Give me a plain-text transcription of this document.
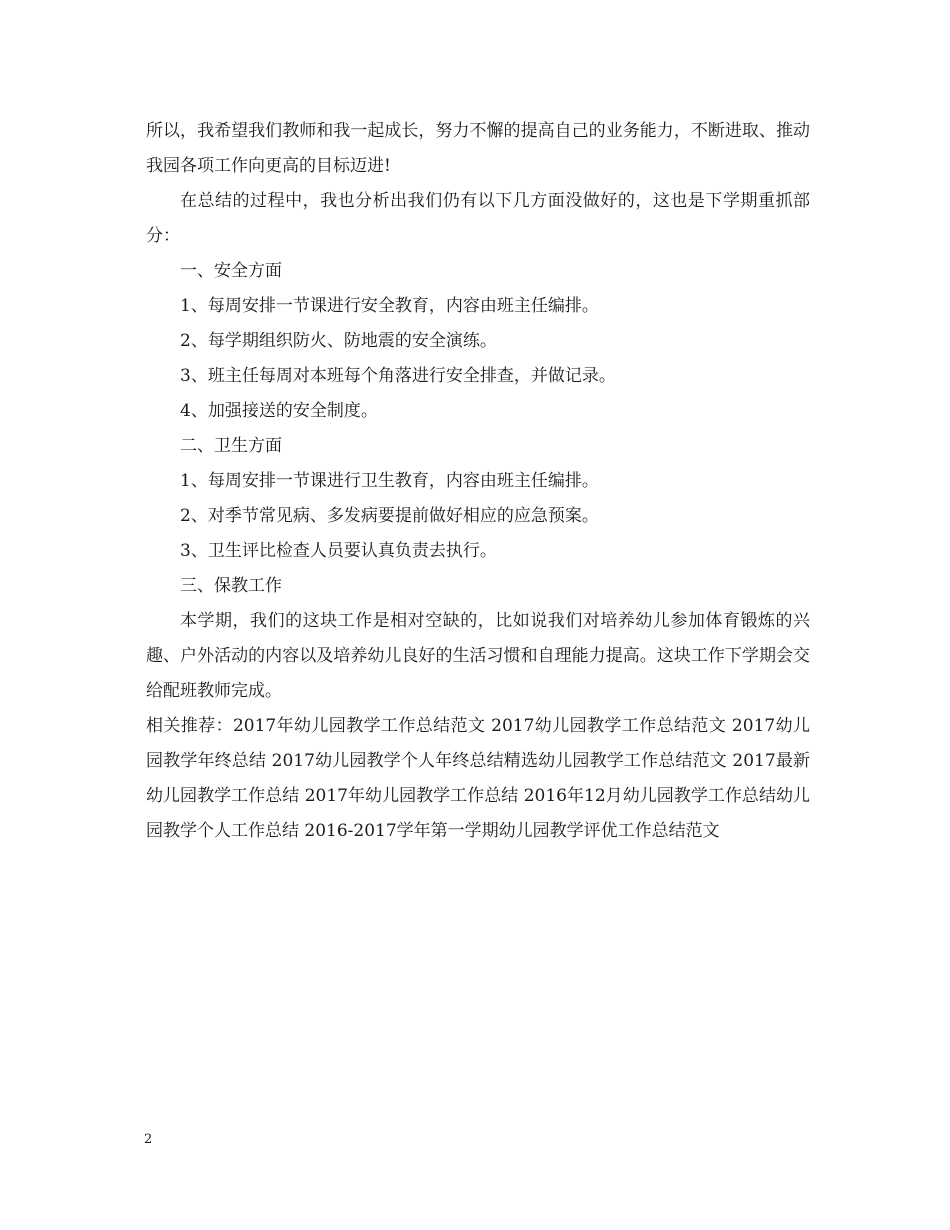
所以，我希望我们教师和我一起成长，努力不懈的提高自己的业务能力，不断进取、推动我园各项工作向更高的目标迈进!

在总结的过程中，我也分析出我们仍有以下几方面没做好的，这也是下学期重抓部分：

一、安全方面

1、每周安排一节课进行安全教育，内容由班主任编排。

2、每学期组织防火、防地震的安全演练。

3、班主任每周对本班每个角落进行安全排查，并做记录。

4、加强接送的安全制度。

二、卫生方面

1、每周安排一节课进行卫生教育，内容由班主任编排。

2、对季节常见病、多发病要提前做好相应的应急预案。

3、卫生评比检查人员要认真负责去执行。

三、保教工作

本学期，我们的这块工作是相对空缺的，比如说我们对培养幼儿参加体育锻炼的兴趣、户外活动的内容以及培养幼儿良好的生活习惯和自理能力提高。这块工作下学期会交给配班教师完成。

相关推荐：2017年幼儿园教学工作总结范文 2017幼儿园教学工作总结范文 2017幼儿园教学年终总结 2017幼儿园教学个人年终总结精选幼儿园教学工作总结范文 2017最新幼儿园教学工作总结 2017年幼儿园教学工作总结 2016年12月幼儿园教学工作总结幼儿园教学个人工作总结 2016-2017学年第一学期幼儿园教学评优工作总结范文

2
